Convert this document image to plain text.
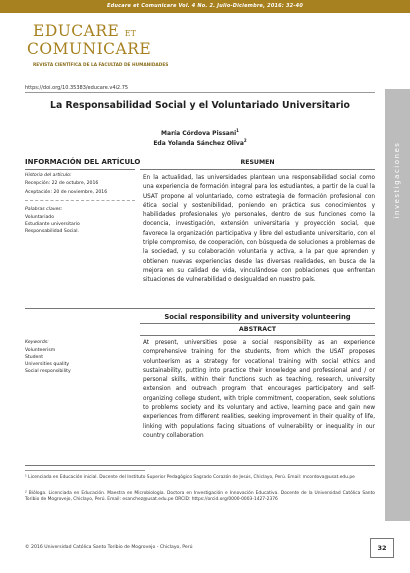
Educare et Comunicare Vol. 4 No. 2. Julio-Diciembre, 2016: 32-40
EDUCARE ET
COMUNICARE
REVISTA CIENTÍFICA DE LA FACULTAD DE HUMANIDADES
https://doi.org/10.35383/educare.v4i2.75
investigaciones
La Responsabilidad Social y el Voluntariado Universitario
María Córdova Pissani$^1$
Eda Yolanda Sánchez Oliva$^2$
INFORMACIÓN DEL ARTÍCULO	RESUMEN
Historia del artículo:
Recepción: 22 de octubre, 2016
Aceptación: 20 de noviembre, 2016
Palabras claves:
Voluntariado
Estudiante universitario
Responsabilidad Social.
En la actualidad, las universidades plantean una responsabilidad social como una experiencia de formación integral para los estudiantes, a partir de la cual la USAT propone al voluntariado, como estrategia de formación profesional con ética social y sostenibilidad, poniendo en práctica sus conocimientos y habilidades profesionales y/o personales, dentro de sus funciones como la docencia, investigación, extensión universitaria y proyección social, que favorece la organización participativa y libre del estudiante universitario, con el triple compromiso, de cooperación, con búsqueda de soluciones a problemas de la sociedad, y su colaboración voluntaria y activa, a la par que aprenden y obtienen nuevas experiencias desde las diversas realidades, en busca de la mejora en su calidad de vida, vinculándose con poblaciones que enfrentan situaciones de vulnerabilidad o desigualdad en nuestro país.
Social responsibility and university volunteering
ABSTRACT
Keywords:
Volunteerism
Student
Universities quality
Social responsibility
At present, universities pose a social responsibility as an experience comprehensive training for the students, from which the USAT proposes volunteerism as a strategy for vocational training with social ethics and sustainability, putting into practice their knowledge and professional and / or personal skills, within their functions such as teaching, research, university extension and outreach program that encourages participatory and self-organizing college student, with triple commitment, cooperation, seek solutions to problems society and its voluntary and active, learning pace and gain new experiences from different realities, seeking improvement in their quality of life, linking with populations facing situations of vulnerability or inequality in our country collaboration
¹ Licenciada en Educación inicial. Docente del Instituto Superior Pedagógico Sagrado Corazón de Jesús, Chiclayo, Perú. Email: mcordova@usat.edu.pe
² Bióloga. Licenciada en Educación. Maestra en Microbiología. Doctora en Investigación e Innovación Educativa. Docente de la Universidad Católica Santo Toribio de Mogrovejo, Chiclayo, Perú. Email: esanchez@usat.edu.pe ORCID: https://orcid.org/0000-0003-1427-2376
© 2016 Universidad Católica Santo Toribio de Mogrovejo - Chiclayo, Perú	32
